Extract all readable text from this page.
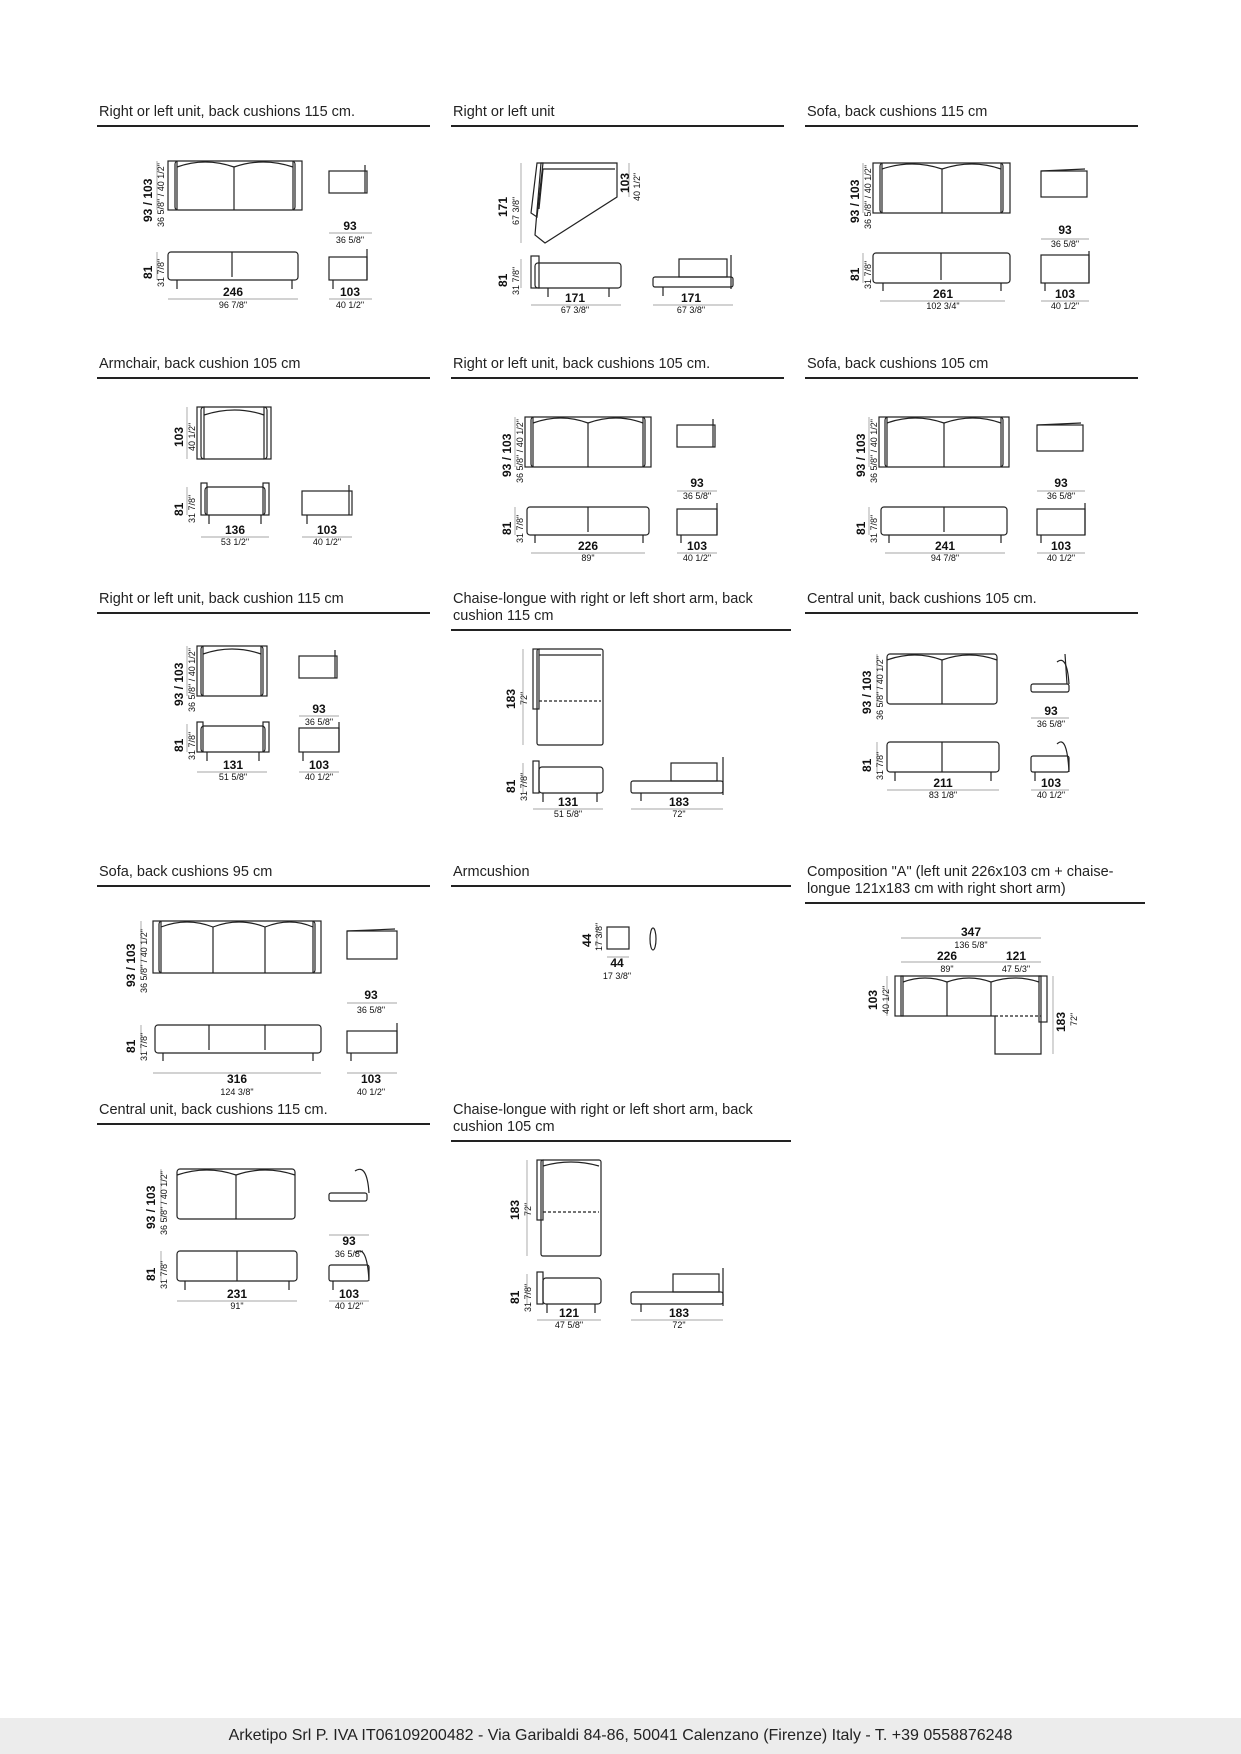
Right or left unit, back cushions 115 cm.
93 / 103 36 5/8" / 40 1/2"
81 31 7/8"
246
96 7/8"
93
36 5/8"
103
40 1/2"
Right or left unit
171 67 3/8"
103 40 1/2"
81 31 7/8"
171
67 3/8"
171
67 3/8"
Sofa, back cushions 115 cm
93 / 103 36 5/8" / 40 1/2"
81 31 7/8"
261
102 3/4"
93
36 5/8"
103
40 1/2"
Armchair, back cushion 105 cm
103 40 1/2"
81 31 7/8"
136
53 1/2"
103
40 1/2"
Right or left unit, back cushions 105 cm.
93 / 103 36 5/8" / 40 1/2"
81 31 7/8"
226
89"
93
36 5/8"
103
40 1/2"
Sofa, back cushions 105 cm
93 / 103 36 5/8" / 40 1/2"
81 31 7/8"
241
94 7/8"
93
36 5/8"
103
40 1/2"
Right or left unit, back cushion 115 cm
93 / 103 36 5/8" / 40 1/2"
81 31 7/8"
131
51 5/8"
93
36 5/8"
103
40 1/2"
Chaise-longue with right or left short arm, back cushion 115 cm
183 72"
81 31 7/8"
131
51 5/8"
183
72"
Central unit, back cushions 105 cm.
93 / 103 36 5/8" / 40 1/2"
81 31 7/8"
211
83 1/8"
93
36 5/8"
103
40 1/2"
Sofa, back cushions 95 cm
93 / 103 36 5/8" / 40 1/2"
81 31 7/8"
316
124 3/8"
93
36 5/8"
103
40 1/2"
Armcushion
44 17 3/8"
44
17 3/8"
Composition "A" (left unit 226x103 cm + chaise-longue 121x183 cm with right short arm)
347
136 5/8"
226
89"
121
47 5/3"
103 40 1/2"
183 72"
Central unit, back cushions 115 cm.
93 / 103 36 5/8" / 40 1/2"
81 31 7/8"
231
91"
93
36 5/8"
103
40 1/2"
Chaise-longue with right or left short arm, back cushion 105 cm
183 72"
81 31 7/8"
121
47 5/8"
183
72"
Arketipo Srl P. IVA IT06109200482 - Via Garibaldi 84-86, 50041 Calenzano (Firenze) Italy - T. +39 0558876248
